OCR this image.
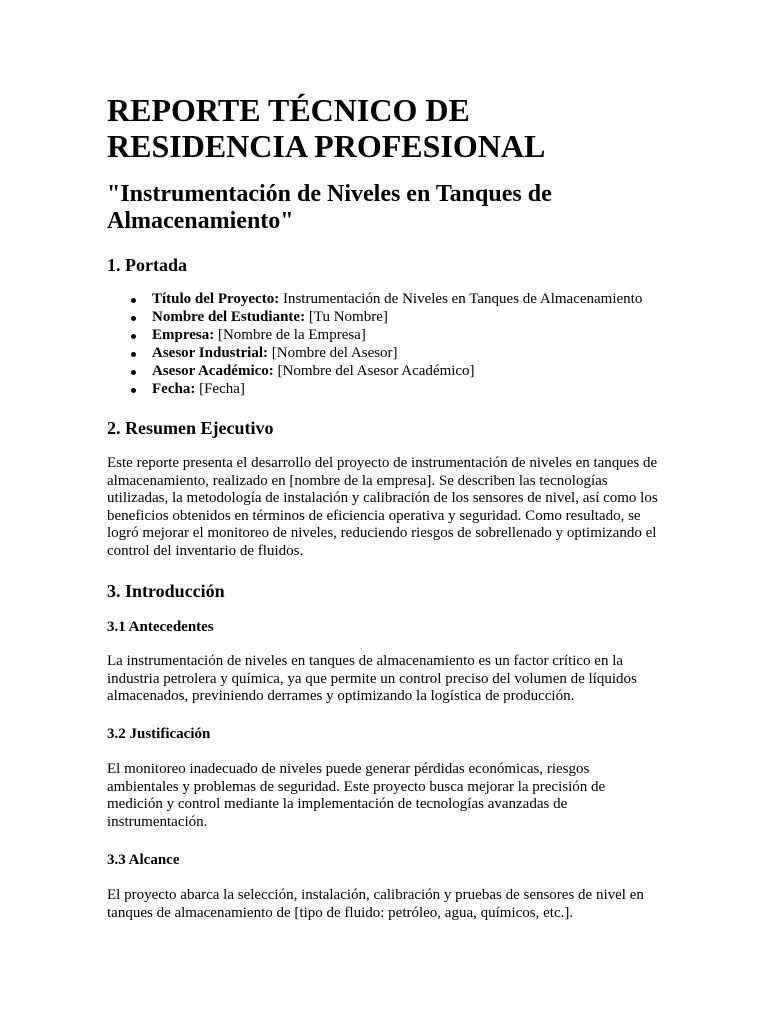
REPORTE TÉCNICO DE RESIDENCIA PROFESIONAL
"Instrumentación de Niveles en Tanques de Almacenamiento"
1. Portada
Título del Proyecto: Instrumentación de Niveles en Tanques de Almacenamiento
Nombre del Estudiante: [Tu Nombre]
Empresa: [Nombre de la Empresa]
Asesor Industrial: [Nombre del Asesor]
Asesor Académico: [Nombre del Asesor Académico]
Fecha: [Fecha]
2. Resumen Ejecutivo

Este reporte presenta el desarrollo del proyecto de instrumentación de niveles en tanques de almacenamiento, realizado en [nombre de la empresa]. Se describen las tecnologías utilizadas, la metodología de instalación y calibración de los sensores de nivel, así como los beneficios obtenidos en términos de eficiencia operativa y seguridad. Como resultado, se logró mejorar el monitoreo de niveles, reduciendo riesgos de sobrellenado y optimizando el control del inventario de fluidos.

3. Introducción
3.1 Antecedentes

La instrumentación de niveles en tanques de almacenamiento es un factor crítico en la industria petrolera y química, ya que permite un control preciso del volumen de líquidos almacenados, previniendo derrames y optimizando la logística de producción.

3.2 Justificación

El monitoreo inadecuado de niveles puede generar pérdidas económicas, riesgos ambientales y problemas de seguridad. Este proyecto busca mejorar la precisión de medición y control mediante la implementación de tecnologías avanzadas de instrumentación.

3.3 Alcance

El proyecto abarca la selección, instalación, calibración y pruebas de sensores de nivel en tanques de almacenamiento de [tipo de fluido: petróleo, agua, químicos, etc.].
